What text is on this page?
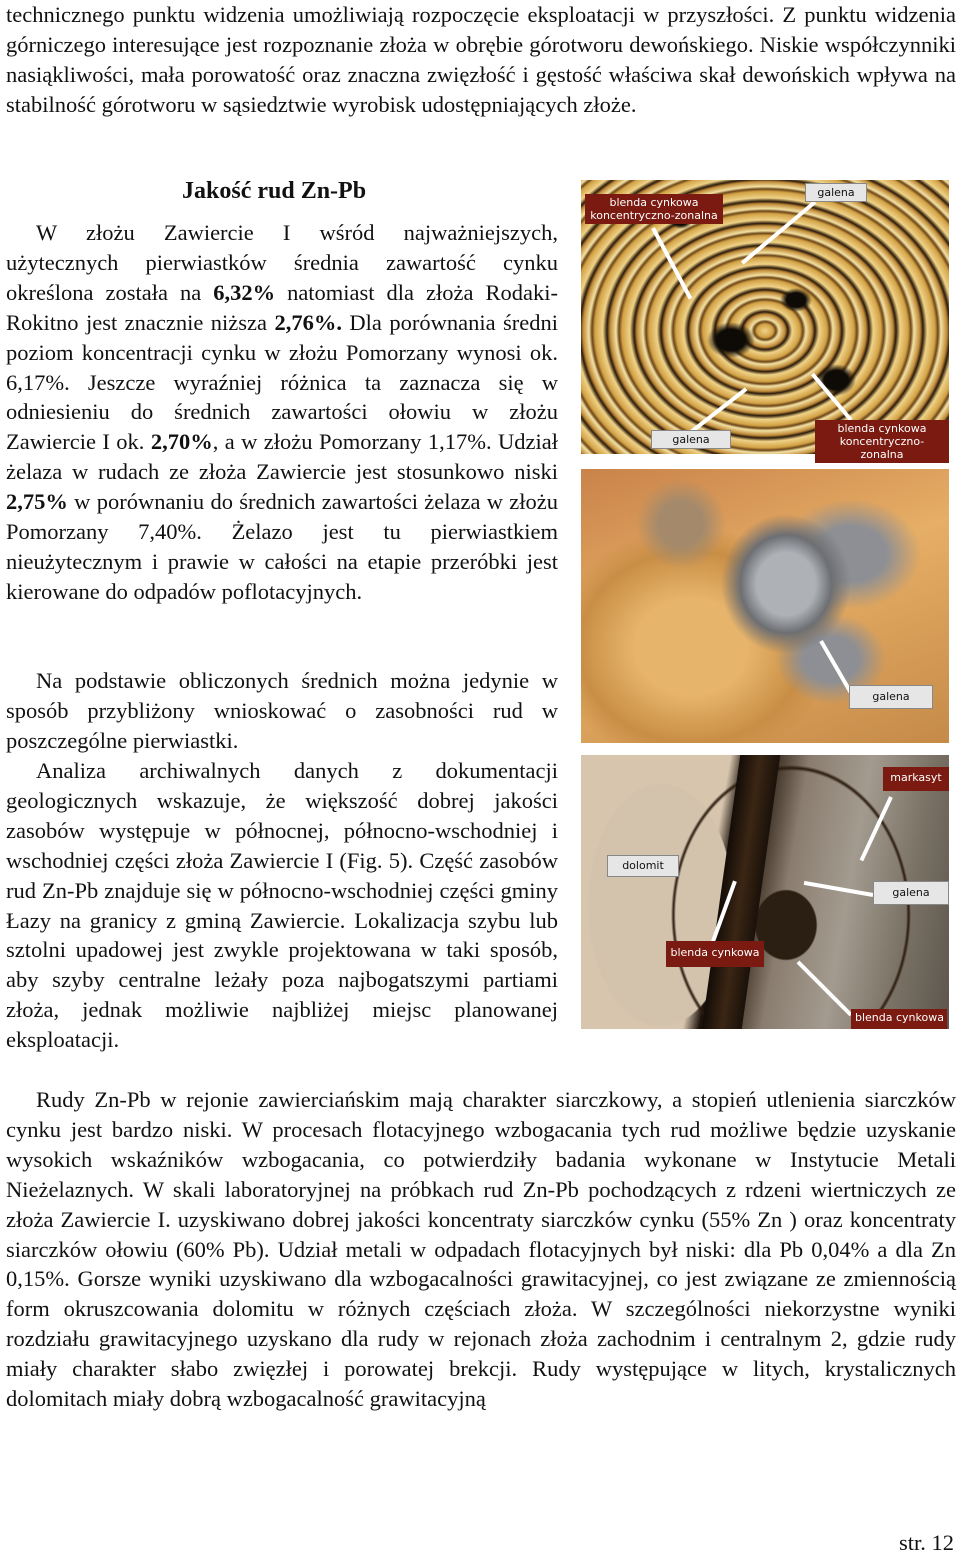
technicznego punktu widzenia umożliwiają rozpoczęcie eksploatacji w przyszłości. Z punktu widzenia górniczego interesujące jest rozpoznanie złoża w obrębie górotworu dewońskiego. Niskie współczynniki nasiąkliwości, mała porowatość oraz znaczna zwięzłość i gęstość właściwa skał dewońskich wpływa na stabilność górotworu w sąsiedztwie wyrobisk udostępniających złoże.

Jakość rud Zn-Pb

W złożu Zawiercie I wśród najważniejszych, użytecznych pierwiastków średnia zawartość cynku określona została na 6,32% natomiast dla złoża Rodaki-Rokitno jest znacznie niższa 2,76%. Dla porównania średni poziom koncentracji cynku w złożu Pomorzany wynosi ok. 6,17%. Jeszcze wyraźniej różnica ta zaznacza się w odniesieniu do średnich zawartości ołowiu w złożu Zawiercie I ok. 2,70%, a w złożu Pomorzany 1,17%. Udział żelaza w rudach ze złoża Zawiercie jest stosunkowo niski 2,75% w porównaniu do średnich zawartości żelaza w złożu Pomorzany 7,40%. Żelazo jest tu pierwiastkiem nieużytecznym i prawie w całości na etapie przeróbki jest kierowane do odpadów poflotacyjnych.

Na podstawie obliczonych średnich można jedynie w sposób przybliżony wnioskować o zasobności rud w poszczególne pierwiastki.

Analiza archiwalnych danych z dokumentacji geologicznych wskazuje, że większość dobrej jakości zasobów występuje w północnej, północno-wschodniej i wschodniej części złoża Zawiercie I (Fig. 5). Część zasobów rud Zn-Pb znajduje się w północno-wschodniej części gminy Łazy na granicy z gminą Zawiercie. Lokalizacja szybu lub sztolni upadowej jest zwykle projektowana w taki sposób, aby szyby centralne leżały poza najbogatszymi partiami złoża, jednak możliwie najbliżej miejsc planowanej eksploatacji.

Rudy Zn-Pb w rejonie zawierciańskim mają charakter siarczkowy, a stopień utlenienia siarczków cynku jest bardzo niski. W procesach flotacyjnego wzbogacania tych rud możliwe będzie uzyskanie wysokich wskaźników wzbogacania, co potwierdziły badania wykonane w Instytucie Metali Nieżelaznych. W skali laboratoryjnej na próbkach rud Zn-Pb pochodzących z rdzeni wiertniczych ze złoża Zawiercie I. uzyskiwano dobrej jakości koncentraty siarczków cynku (55% Zn ) oraz koncentraty siarczków ołowiu (60% Pb). Udział metali w odpadach flotacyjnych był niski: dla Pb 0,04% a dla Zn 0,15%. Gorsze wyniki uzyskiwano dla wzbogacalności grawitacyjnej, co jest związane ze zmiennością form okruszcowania dolomitu w różnych częściach złoża. W szczególności niekorzystne wyniki rozdziału grawitacyjnego uzyskano dla rudy w rejonach złoża zachodnim i centralnym 2, gdzie rudy miały charakter słabo zwięzłej i porowatej brekcji. Rudy występujące w litych, krystalicznych dolomitach miały dobrą wzbogacalność grawitacyjną

blenda cynkowa
koncentryczno-zonalna
galena
galena
blenda cynkowa
koncentryczno-zonalna
galena
markasyt
dolomit
galena
blenda cynkowa
blenda cynkowa
str. 12
